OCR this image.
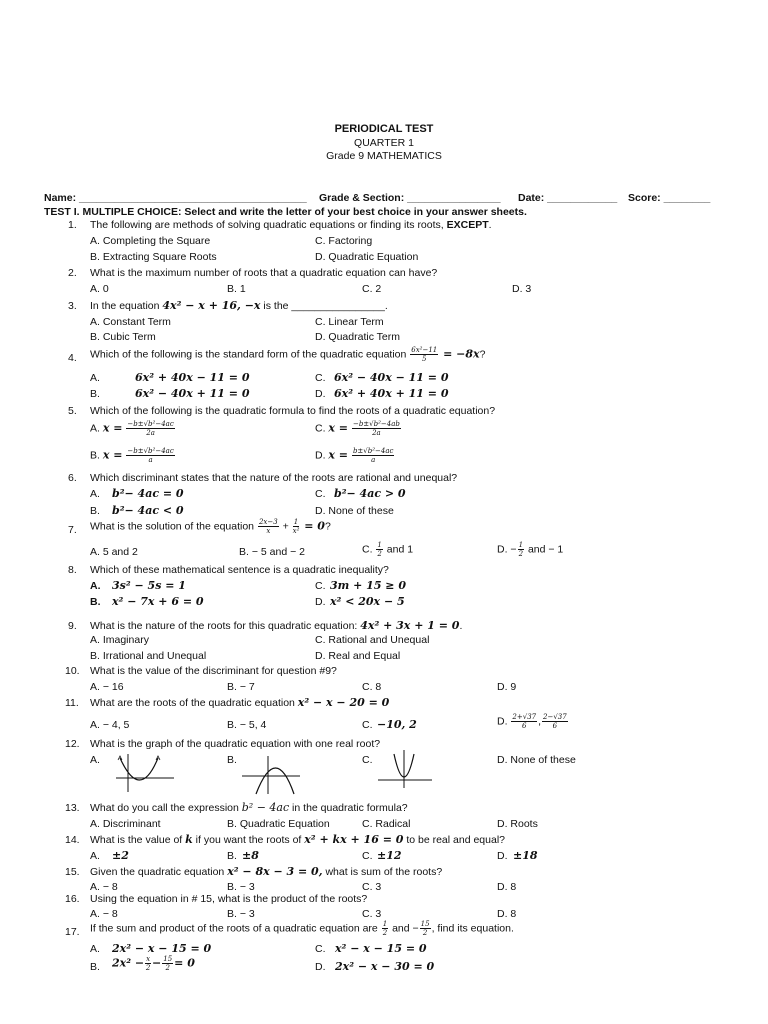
PERIODICAL TEST
QUARTER 1
Grade 9 MATHEMATICS
Name: _______________________________________ Grade & Section: ________________ Date: ____________ Score: ________
TEST I. MULTIPLE CHOICE: Select and write the letter of your best choice in your answer sheets.
1. The following are methods of solving quadratic equations or finding its roots, EXCEPT.
A. Completing the Square	C. Factoring
B. Extracting Square Roots	D. Quadratic Equation
2. What is the maximum number of roots that a quadratic equation can have?
A. 0	B. 1	C. 2	D. 3
3. In the equation 4x² − x + 16, −x is the ________________.
A. Constant Term	C. Linear Term
B. Cubic Term	D. Quadratic Term
4. Which of the following is the standard form of the quadratic equation $\frac{\text{6x²−11}}{5} = -8x$?
A.	6x² + 40x − 11 = 0	C. 6x² − 40x − 11 = 0
B.	6x² − 40x + 11 = 0	D. 6x² + 40x + 11 = 0
5. Which of the following is the quadratic formula to find the roots of a quadratic equation?
A. $x = \frac{\text{−b±√b²−4ac}}{2a}$	C. $x = \frac{\text{−b±√b²−4ab}}{2a}$
B. $x = \frac{\text{−b±√b²−4ac}}{a}$	D. $x = \frac{\text{b±√b²−4ac}}{a}$
6. Which discriminant states that the nature of the roots are rational and unequal?
A. b²− 4ac = 0	C. b²− 4ac > 0
B. b²− 4ac < 0	D. None of these
7. What is the solution of the equation $\frac{2x-3}{x} + \frac{1}{\text{x²}} = 0$?
A. 5 and 2	B. − 5 and − 2	C. $\frac{1}{2}$ and 1	D. − $\frac{1}{2}$ and − 1
8. Which of these mathematical sentence is a quadratic inequality?
A. 3s² − 5s = 1	C. 3m + 15 ≥ 0
B. x² − 7x + 6 = 0	D. x² < 20x − 5
9. What is the nature of the roots for this quadratic equation: 4x² + 3x + 1 = 0.
A. Imaginary	C. Rational and Unequal
B. Irrational and Unequal	D. Real and Equal
10. What is the value of the discriminant for question #9?
A. − 16	B. − 7	C. 8	D. 9
11. What are the roots of the quadratic equation x² − x − 20 = 0
A. − 4, 5	B. − 5, 4	C. −10, 2	D. $\frac{2+√37}{6}$ , $\frac{2-√37}{6}$
12. What is the graph of the quadratic equation with one real root?
A.	B.	C.	D. None of these
13. What do you call the expression b² − 4ac in the quadratic formula?
A. Discriminant	B. Quadratic Equation	C. Radical	D. Roots
14. What is the value of k if you want the roots of x² + kx + 16 = 0 to be real and equal?
A. ±2	B. ±8	C. ±12	D. ±18
15. Given the quadratic equation x² − 8x − 3 = 0, what is sum of the roots?
A. − 8	B. − 3	C. 3	D. 8
16. Using the equation in # 15, what is the product of the roots?
A. − 8	B. − 3	C. 3	D. 8
17. If the sum and product of the roots of a quadratic equation are $\frac{1}{2}$ and − $\frac{15}{2}$ , find its equation.
A. 2x² − x − 15 = 0	C. x² − x − 15 = 0
B. $2x^2 - \frac{x}{2} - \frac{15}{2} = 0$	D. 2x² − x − 30 = 0
